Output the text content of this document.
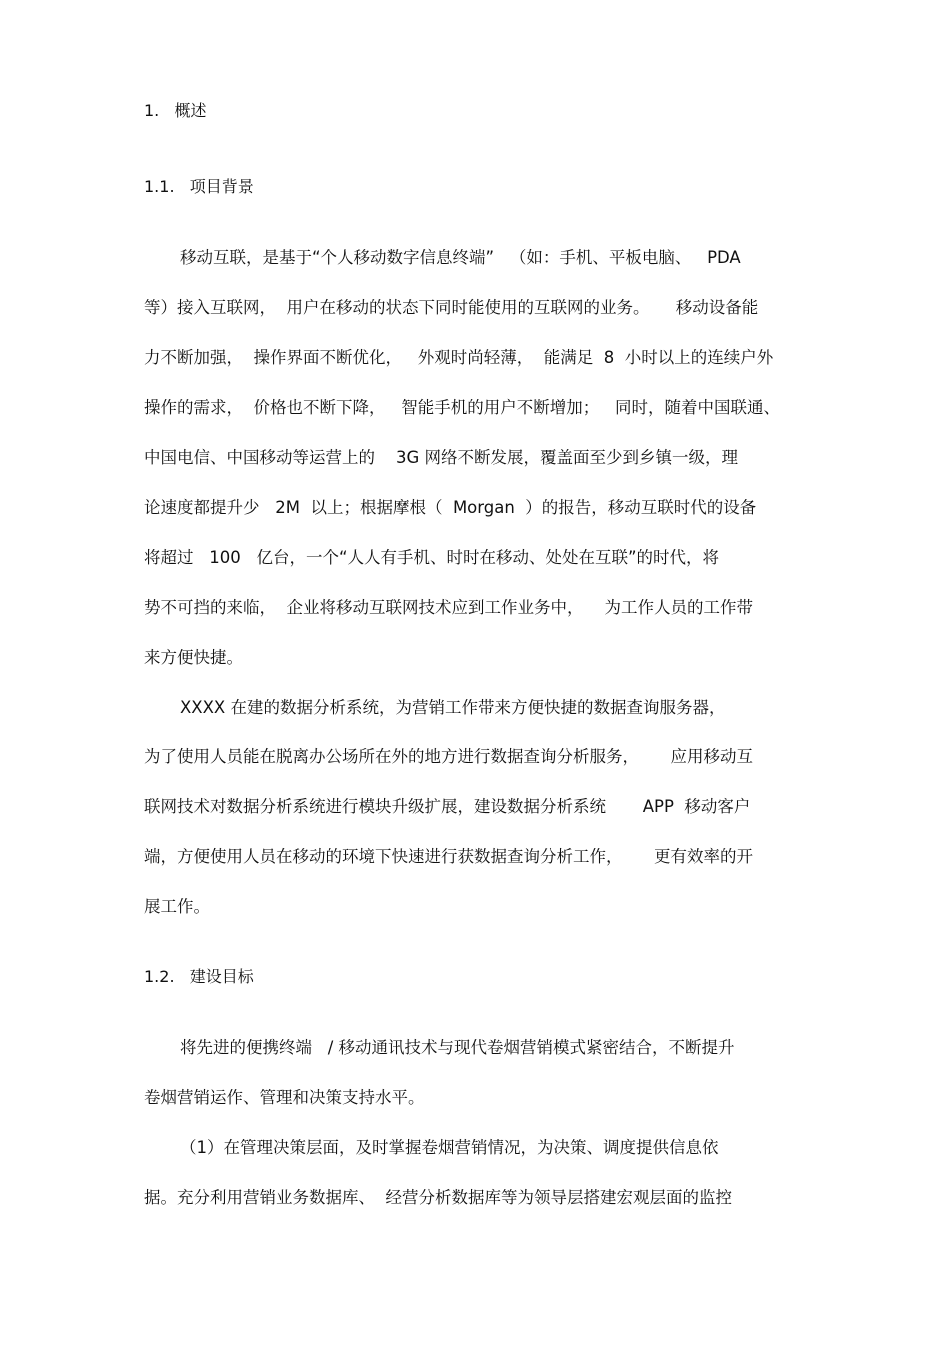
1.   概述
1.1.   项目背景
移动互联，是基于“个人移动数字信息终端”   （如：手机、平板电脑、   PDA
等）接入互联网，  用户在移动的状态下同时能使用的互联网的业务。     移动设备能
力不断加强，  操作界面不断优化，   外观时尚轻薄，  能满足  8  小时以上的连续户外
操作的需求，  价格也不断下降，   智能手机的用户不断增加；   同时，随着中国联通、
中国电信、中国移动等运营上的    3G 网络不断发展，覆盖面至少到乡镇一级，理
论速度都提升少   2M  以上；根据摩根（  Morgan  ）的报告，移动互联时代的设备
将超过   100   亿台，一个“人人有手机、时时在移动、处处在互联”的时代，将
势不可挡的来临，  企业将移动互联网技术应到工作业务中，    为工作人员的工作带
来方便快捷。
XXXX 在建的数据分析系统，为营销工作带来方便快捷的数据查询服务器，
为了使用人员能在脱离办公场所在外的地方进行数据查询分析服务，      应用移动互
联网技术对数据分析系统进行模块升级扩展，建设数据分析系统       APP  移动客户
端，方便使用人员在移动的环境下快速进行获数据查询分析工作，      更有效率的开
展工作。
1.2.   建设目标
将先进的便携终端   / 移动通讯技术与现代卷烟营销模式紧密结合，不断提升
卷烟营销运作、管理和决策支持水平。
（1）在管理决策层面，及时掌握卷烟营销情况，为决策、调度提供信息依
据。充分利用营销业务数据库、  经营分析数据库等为领导层搭建宏观层面的监控
